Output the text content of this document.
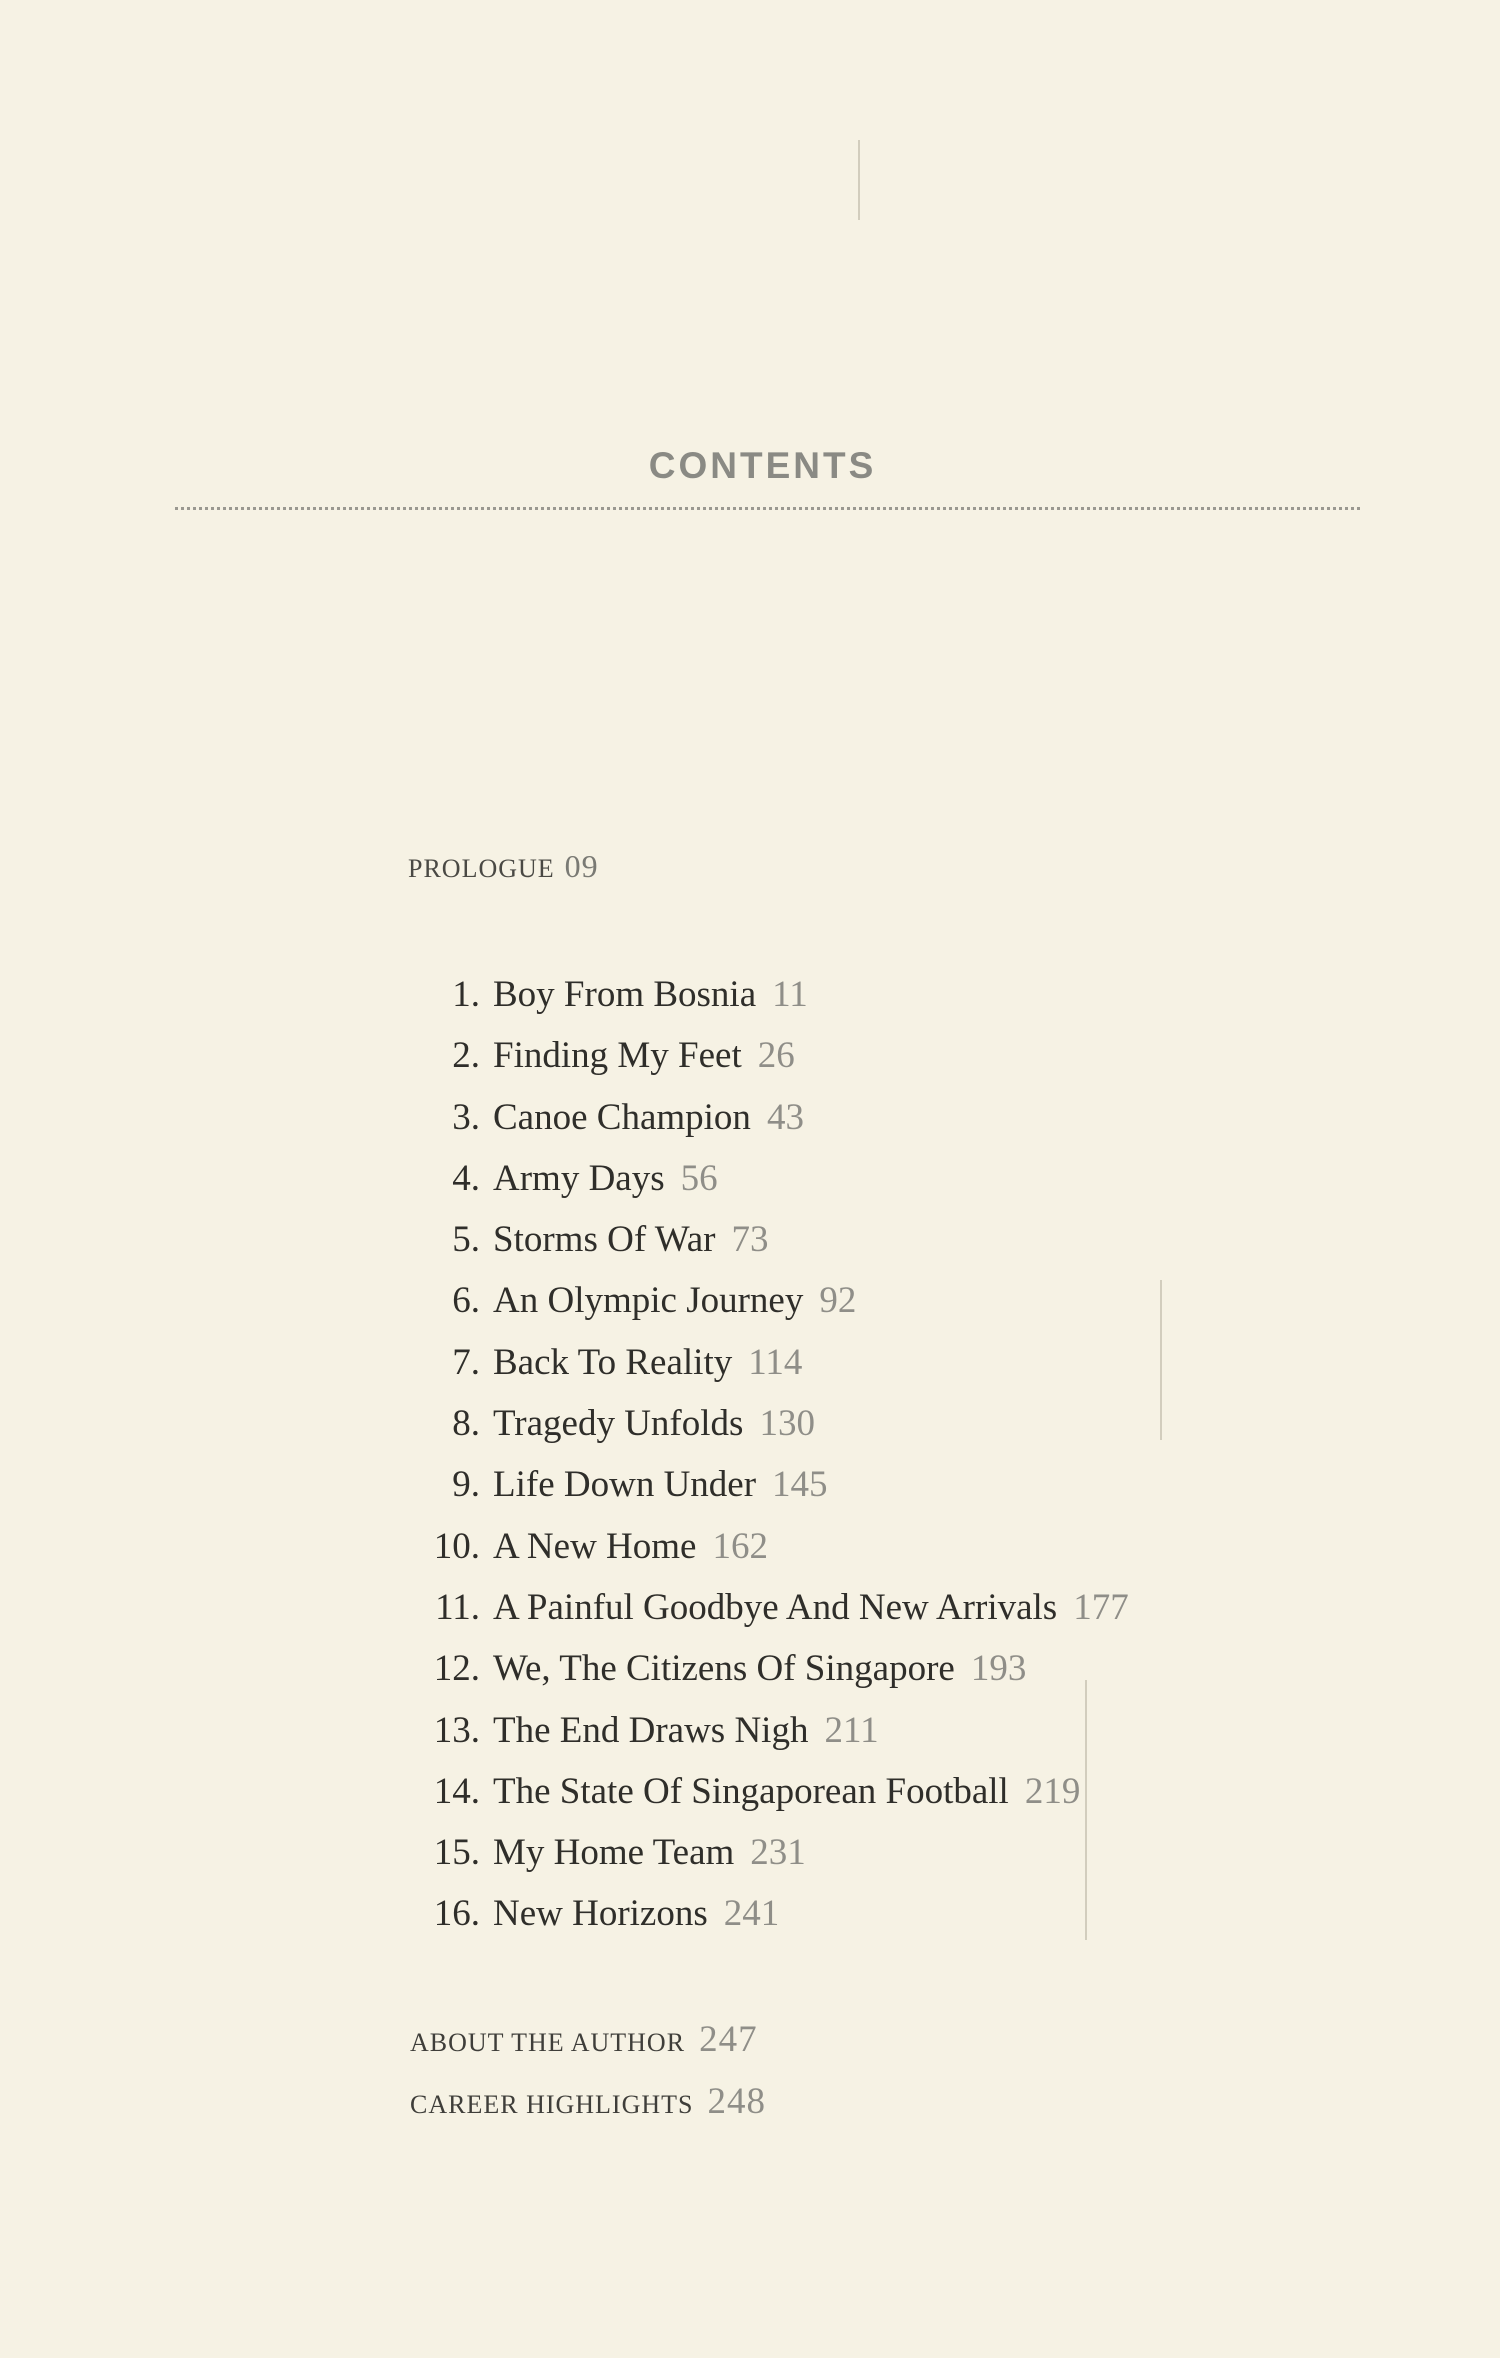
CONTENTS
PROLOGUE 09
1. Boy From Bosnia 11
2. Finding My Feet 26
3. Canoe Champion 43
4. Army Days 56
5. Storms Of War 73
6. An Olympic Journey 92
7. Back To Reality 114
8. Tragedy Unfolds 130
9. Life Down Under 145
10. A New Home 162
11. A Painful Goodbye And New Arrivals 177
12. We, The Citizens Of Singapore 193
13. The End Draws Nigh 211
14. The State Of Singaporean Football 219
15. My Home Team 231
16. New Horizons 241
ABOUT THE AUTHOR 247
CAREER HIGHLIGHTS 248
